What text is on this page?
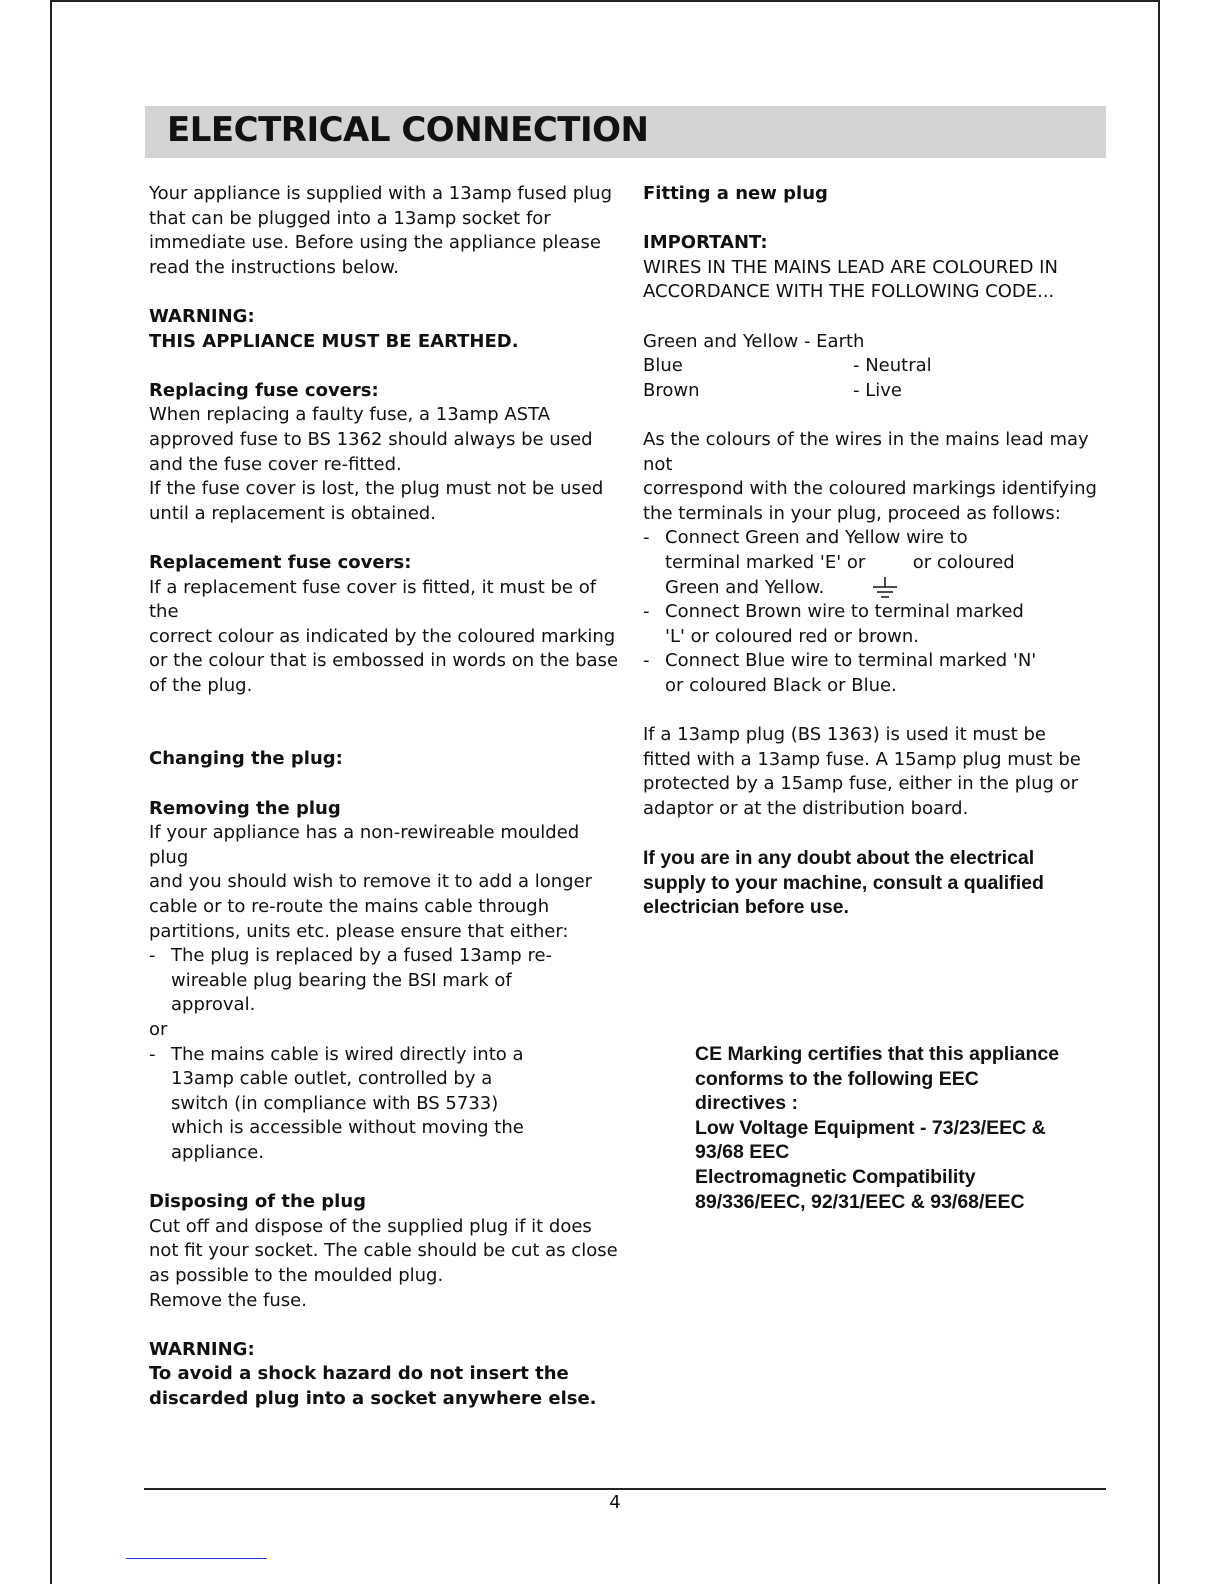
ELECTRICAL CONNECTION

Your appliance is supplied with a 13amp fused plug

that can be plugged into a 13amp socket for

immediate use. Before using the appliance please

read the instructions below.

WARNING:

THIS APPLIANCE MUST BE EARTHED.

Replacing fuse covers:

When replacing a faulty fuse, a 13amp ASTA

approved fuse to BS 1362 should always be used

and the fuse cover re-fitted.

If the fuse cover is lost, the plug must not be used

until a replacement is obtained.

Replacement fuse covers:

If a replacement fuse cover is fitted, it must be of the

correct colour as indicated by the coloured marking

or the colour that is embossed in words on the base

of the plug.

Changing the plug:

Removing the plug

If your appliance has a non-rewireable moulded plug

and you should wish to remove it to add a longer

cable or to re-route the mains cable through

partitions, units etc. please ensure that either:

- The plug is replaced by a fused 13amp re-

wireable plug bearing the BSI mark of

approval.

or

- The mains cable is wired directly into a

13amp cable outlet, controlled by a

switch (in compliance with BS 5733)

which is accessible without moving the

appliance.

Disposing of the plug

Cut off and dispose of the supplied plug if it does

not fit your socket. The cable should be cut as close

as possible to the moulded plug.

Remove the fuse.

WARNING:

To avoid a shock hazard do not insert the

discarded plug into a socket anywhere else.

Fitting a new plug

IMPORTANT:

WIRES IN THE MAINS LEAD ARE COLOURED IN

ACCORDANCE WITH THE FOLLOWING CODE...

Green and Yellow - Earth
Blue	- Neutral
Brown	- Live

As the colours of the wires in the mains lead may not

correspond with the coloured markings identifying

the terminals in your plug, proceed as follows:

- Connect Green and Yellow wire to

terminal marked 'E' or	or coloured

Green and Yellow.

- Connect Brown wire to terminal marked

'L' or coloured red or brown.

- Connect Blue wire to terminal marked 'N'

or coloured Black or Blue.

If a 13amp plug (BS 1363) is used it must be

fitted with a 13amp fuse. A 15amp plug must be

protected by a 15amp fuse, either in the plug or

adaptor or at the distribution board.

If you are in any doubt about the electrical

supply to your machine, consult a qualified

electrician before use.

CE Marking certifies that this appliance

conforms to the following EEC

directives :

Low Voltage Equipment - 73/23/EEC &

93/68 EEC

Electromagnetic Compatibility

89/336/EEC, 92/31/EEC & 93/68/EEC

4
